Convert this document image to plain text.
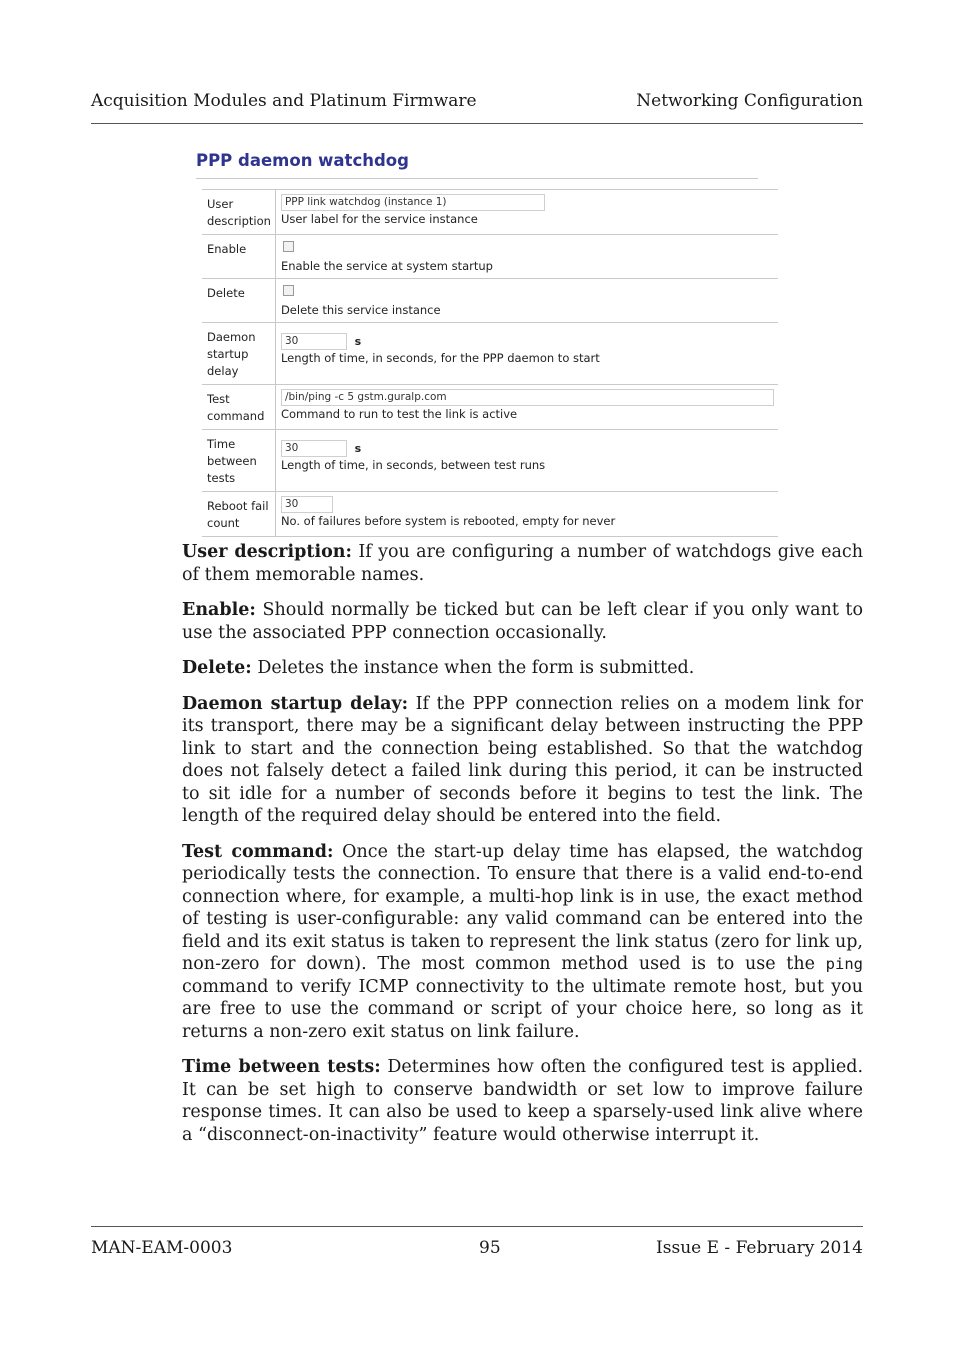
Acquisition Modules and Platinum Firmware	Networking Configuration
PPP daemon watchdog
User description	PPP link watchdog (instance 1)
User label for the service instance

Enable	Enable the service at system startup

Delete	Delete this service instance

Daemon startup delay	30 s
Length of time, in seconds, for the PPP daemon to start

Test command	/bin/ping -c 5 gstm.guralp.com
Command to run to test the link is active

Time between tests	30 s
Length of time, in seconds, between test runs

Reboot fail count	30
No. of failures before system is rebooted, empty for never

User description: If you are configuring a number of watchdogs give each of them memorable names.

Enable: Should normally be ticked but can be left clear if you only want to use the associated PPP connection occasionally.

Delete: Deletes the instance when the form is submitted.

Daemon startup delay: If the PPP connection relies on a modem link for its transport, there may be a significant delay between instructing the PPP link to start and the connection being established. So that the watchdog does not falsely detect a failed link during this period, it can be instructed to sit idle for a number of seconds before it begins to test the link. The length of the required delay should be entered into the field.

Test command: Once the start-up delay time has elapsed, the watchdog periodically tests the connection. To ensure that there is a valid end-to-end connection where, for example, a multi-hop link is in use, the exact method of testing is user-configurable: any valid command can be entered into the field and its exit status is taken to represent the link status (zero for link up, non-zero for down). The most common method used is to use the ping command to verify ICMP connectivity to the ultimate remote host, but you are free to use the command or script of your choice here, so long as it returns a non-zero exit status on link failure.

Time between tests: Determines how often the configured test is applied. It can be set high to conserve bandwidth or set low to improve failure response times. It can also be used to keep a sparsely-used link alive where a “disconnect-on-inactivity” feature would otherwise interrupt it.

MAN-EAM-0003	95	Issue E - February 2014
